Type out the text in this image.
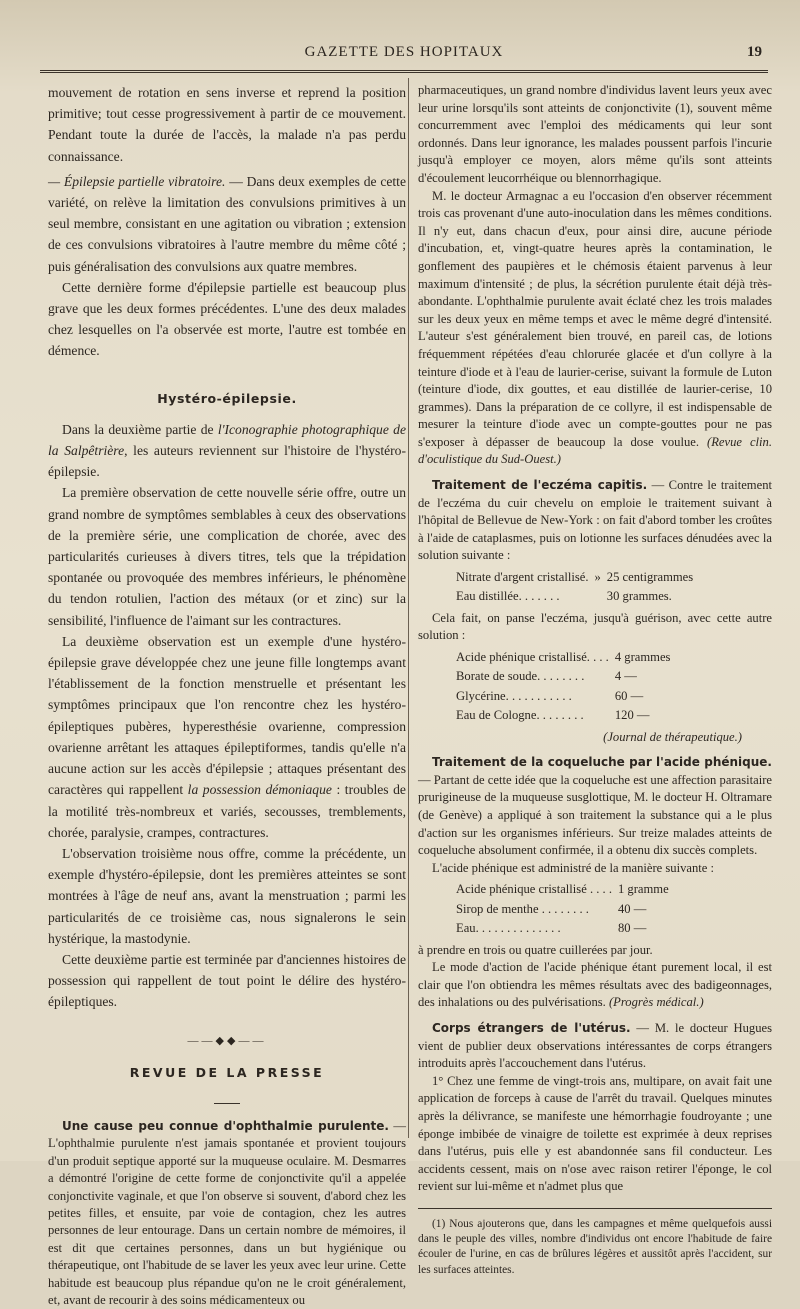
GAZETTE DES HOPITAUX	19

mouvement de rotation en sens inverse et reprend la position primitive; tout cesse progressivement à partir de ce mouvement. Pendant toute la durée de l'accès, la malade n'a pas perdu connaissance.

— Épilepsie partielle vibratoire. — Dans deux exemples de cette variété, on relève la limitation des convulsions primitives à un seul membre, consistant en une agitation ou vibration ; extension de ces convulsions vibratoires à l'autre membre du même côté ; puis généralisation des convulsions aux quatre membres.

Cette dernière forme d'épilepsie partielle est beaucoup plus grave que les deux formes précédentes. L'une des deux malades chez lesquelles on l'a observée est morte, l'autre est tombée en démence.

Hystéro-épilepsie.

Dans la deuxième partie de l'Iconographie photographique de la Salpêtrière, les auteurs reviennent sur l'histoire de l'hystéro-épilepsie.

La première observation de cette nouvelle série offre, outre un grand nombre de symptômes semblables à ceux des observations de la première série, une complication de chorée, avec des particularités curieuses à divers titres, tels que la trépidation spontanée ou provoquée des membres inférieurs, le phénomène du tendon rotulien, l'action des métaux (or et zinc) sur la sensibilité, l'influence de l'aimant sur les contractures.

La deuxième observation est un exemple d'une hystéro-épilepsie grave développée chez une jeune fille longtemps avant l'établissement de la fonction menstruelle et présentant les symptômes principaux que l'on rencontre chez les hystéro-épileptiques pubères, hyperesthésie ovarienne, compression ovarienne arrêtant les attaques épileptiformes, tandis qu'elle n'a aucune action sur les accès d'épilepsie ; attaques présentant des caractères qui rappellent la possession démoniaque : troubles de la motilité très-nombreux et variés, secousses, tremblements, chorée, paralysie, crampes, contractures.

L'observation troisième nous offre, comme la précédente, un exemple d'hystéro-épilepsie, dont les premières atteintes se sont montrées à l'âge de neuf ans, avant la menstruation ; parmi les particularités de ce troisième cas, nous signalerons le sein hystérique, la mastodynie.

Cette deuxième partie est terminée par d'anciennes histoires de possession qui rappellent de tout point le délire des hystéro-épileptiques.

——◆◆——
REVUE DE LA PRESSE

Une cause peu connue d'ophthalmie purulente. — L'ophthalmie purulente n'est jamais spontanée et provient toujours d'un produit septique apporté sur la muqueuse oculaire. M. Desmarres a démontré l'origine de cette forme de conjonctivite qu'il a appelée conjonctivite vaginale, et que l'on observe si souvent, d'abord chez les petites filles, et ensuite, par voie de contagion, chez les autres personnes de leur entourage. Dans un certain nombre de mémoires, il est dit que certaines personnes, dans un but hygiénique ou thérapeutique, ont l'habitude de se laver les yeux avec leur urine. Cette habitude est beaucoup plus répandue qu'on ne le croit généralement, et, avant de recourir à des soins médicamenteux ou

pharmaceutiques, un grand nombre d'individus lavent leurs yeux avec leur urine lorsqu'ils sont atteints de conjonctivite (1), souvent même concurremment avec l'emploi des médicaments qui leur sont ordonnés. Dans leur ignorance, les malades poussent parfois l'incurie jusqu'à employer ce moyen, alors même qu'ils sont atteints d'écoulement leucorrhéique ou blennorrhagique.

M. le docteur Armagnac a eu l'occasion d'en observer récemment trois cas provenant d'une auto-inoculation dans les mêmes conditions. Il n'y eut, dans chacun d'eux, pour ainsi dire, aucune période d'incubation, et, vingt-quatre heures après la contamination, le gonflement des paupières et le chémosis étaient parvenus à leur maximum d'intensité ; de plus, la sécrétion purulente était déjà très-abondante. L'ophthalmie purulente avait éclaté chez les trois malades sur les deux yeux en même temps et avec le même degré d'intensité. L'auteur s'est généralement bien trouvé, en pareil cas, de lotions fréquemment répétées d'eau chlorurée glacée et d'un collyre à la teinture d'iode et à l'eau de laurier-cerise, suivant la formule de Luton (teinture d'iode, dix gouttes, et eau distillée de laurier-cerise, 10 grammes). Dans la préparation de ce collyre, il est indispensable de mesurer la teinture d'iode avec un compte-gouttes pour ne pas s'exposer à dépasser de beaucoup la dose voulue. (Revue clin. d'oculistique du Sud-Ouest.)

Traitement de l'eczéma capitis. — Contre le traitement de l'eczéma du cuir chevelu on emploie le traitement suivant à l'hôpital de Bellevue de New-York : on fait d'abord tomber les croûtes à l'aide de cataplasmes, puis on lotionne les surfaces dénudées avec la solution suivante :

Nitrate d'argent cristallisé.	»	25 centigrammes
Eau distillée. . . . . . .		30 grammes.

Cela fait, on panse l'eczéma, jusqu'à guérison, avec cette autre solution :

Acide phénique cristallisé. . . .	4 grammes
Borate de soude. . . . . . . .	4 —
Glycérine. . . . . . . . . . .	60 —
Eau de Cologne. . . . . . . .	120 —

(Journal de thérapeutique.)

Traitement de la coqueluche par l'acide phénique. — Partant de cette idée que la coqueluche est une affection parasitaire prurigineuse de la muqueuse susglottique, M. le docteur H. Oltramare (de Genève) a appliqué à son traitement la substance qui a le plus d'action sur les organismes inférieurs. Sur treize malades atteints de coqueluche absolument confirmée, il a obtenu dix succès complets.

L'acide phénique est administré de la manière suivante :

Acide phénique cristallisé . . . .	1 gramme
Sirop de menthe . . . . . . . .	40 —
Eau. . . . . . . . . . . . . .	80 —

à prendre en trois ou quatre cuillerées par jour.

Le mode d'action de l'acide phénique étant purement local, il est clair que l'on obtiendra les mêmes résultats avec des badigeonnages, des inhalations ou des pulvérisations. (Progrès médical.)

Corps étrangers de l'utérus. — M. le docteur Hugues vient de publier deux observations intéressantes de corps étrangers introduits après l'accouchement dans l'utérus.

1° Chez une femme de vingt-trois ans, multipare, on avait fait une application de forceps à cause de l'arrêt du travail. Quelques minutes après la délivrance, se manifeste une hémorrhagie foudroyante ; une éponge imbibée de vinaigre de toilette est exprimée à deux reprises dans l'utérus, puis elle y est abandonnée sans fil conducteur. Les accidents cessent, mais on n'ose avec raison retirer l'éponge, le col revient sur lui-même et n'admet plus que

(1) Nous ajouterons que, dans les campagnes et même quelquefois aussi dans le peuple des villes, nombre d'individus ont encore l'habitude de faire écouler de l'urine, en cas de brûlures légères et aussitôt après l'accident, sur les surfaces atteintes.
